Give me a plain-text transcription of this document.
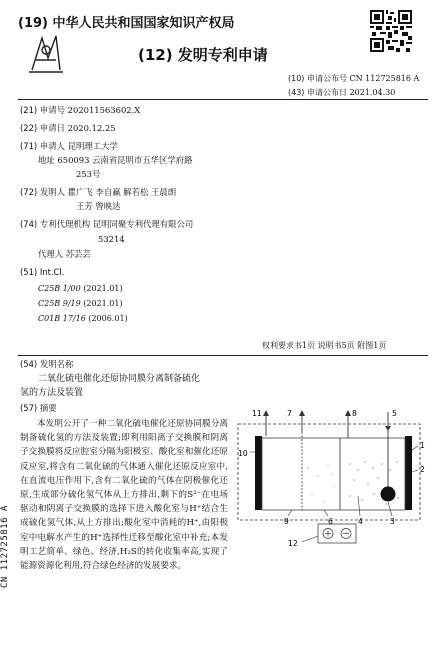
(19) 中华人民共和国国家知识产权局
(12) 发明专利申请
(10) 申请公布号 CN 112725816 A
(43) 申请公布日 2021.04.30
(21) 申请号 202011563602.X
(22) 申请日 2020.12.25
(71) 申请人 昆明理工大学
地址 650093 云南省昆明市五华区学府路
253号
(72) 发明人 瞿广飞 李自赢 解若松 王晨朗
王芳 曾映达
(74) 专利代理机构 昆明同聚专利代理有限公司
53214
代理人 苏芸芸
(51) Int.Cl.
C25B 1/00 (2021.01)
C25B 9/19 (2021.01)
C01B 17/16 (2006.01)
权利要求书1页 说明书5页 附图1页
(54) 发明名称
二氧化硫电催化还原协同膜分离制备硫化
氢的方法及装置
(57) 摘要

本发明公开了一种二氧化硫电催化还原协同膜分离制备硫化氢的方法及装置;即利用阳离子交换膜和阴离子交换膜将反应腔室分隔为阳极室、酸化室和催化还原反应室,将含有二氧化硫的气体通入催化还原反应室中,在直流电压作用下,含有二氧化硫的气体在阴极催化还原,生成部分硫化氢气体从上方排出,剩下的S²⁻在电场驱动和阴离子交换膜的选择下进入酸化室与H⁺结合生成硫化氢气体,从上方排出;酸化室中消耗的H⁺,由阳极室中电解水产生的H⁺选择性迁移至酸化室中补充;本发明工艺简单、绿色、经济,H₂S的转化收集率高,实现了能源资源化利用,符合绿色经济的发展要求。

CN 112725816 A
11	7	8	5
10
1
2
9	6	4	3
12
